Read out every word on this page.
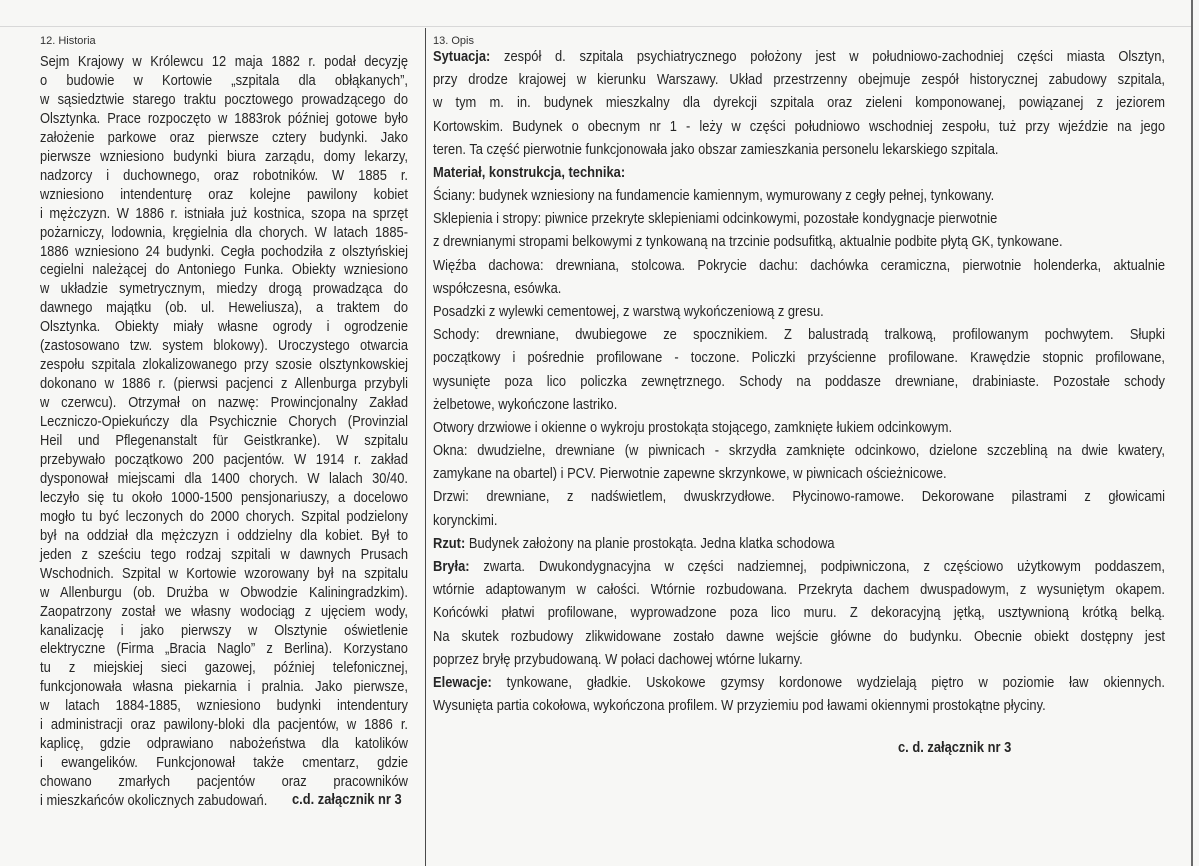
12. Historia	13. Opis
Sejm Krajowy w Królewcu 12 maja 1882 r. podał decyzję
o budowie w Kortowie „szpitala dla obłąkanych”,
w sąsiedztwie starego traktu pocztowego prowadzącego do
Olsztynka. Prace rozpoczęto w 1883rok później gotowe było
założenie parkowe oraz pierwsze cztery budynki. Jako
pierwsze wzniesiono budynki biura zarządu, domy lekarzy,
nadzorcy i duchownego, oraz robotników. W 1885 r.
wzniesiono intendenturę oraz kolejne pawilony kobiet
i mężczyzn. W 1886 r. istniała już kostnica, szopa na sprzęt
pożarniczy, lodownia, kręgielnia dla chorych. W latach 1885-
1886 wzniesiono 24 budynki. Cegła pochodziła z olsztyńskiej
cegielni należącej do Antoniego Funka. Obiekty wzniesiono
w układzie symetrycznym, miedzy drogą prowadząca do
dawnego majątku (ob. ul. Heweliusza), a traktem do
Olsztynka. Obiekty miały własne ogrody i ogrodzenie
(zastosowano tzw. system blokowy). Uroczystego otwarcia
zespołu szpitala zlokalizowanego przy szosie olsztynkowskiej
dokonano w 1886 r. (pierwsi pacjenci z Allenburga przybyli
w czerwcu). Otrzymał on nazwę: Prowincjonalny Zakład
Leczniczo-Opiekuńczy dla Psychicznie Chorych (Provinzial
Heil und Pflegenanstalt für Geistkranke). W szpitalu
przebywało początkowo 200 pacjentów. W 1914 r. zakład
dysponował miejscami dla 1400 chorych. W lalach 30/40.
leczyło się tu około 1000-1500 pensjonariuszy, a docelowo
mogło tu być leczonych do 2000 chorych. Szpital podzielony
był na oddział dla mężczyzn i oddzielny dla kobiet. Był to
jeden z sześciu tego rodzaj szpitali w dawnych Prusach
Wschodnich. Szpital w Kortowie wzorowany był na szpitalu
w Allenburgu (ob. Drużba w Obwodzie Kaliningradzkim).
Zaopatrzony został we własny wodociąg z ujęciem wody,
kanalizację i jako pierwszy w Olsztynie oświetlenie
elektryczne (Firma „Bracia Naglo” z Berlina). Korzystano
tu z miejskiej sieci gazowej, później telefonicznej,
funkcjonowała własna piekarnia i pralnia. Jako pierwsze,
w latach 1884-1885, wzniesiono budynki intendentury
i administracji oraz pawilony-bloki dla pacjentów, w 1886 r.
kaplicę, gdzie odprawiano nabożeństwa dla katolików
i ewangelików. Funkcjonował także cmentarz, gdzie
chowano zmarłych pacjentów oraz pracowników
i mieszkańców okolicznych zabudowań.
Sytuacja: zespół d. szpitala psychiatrycznego położony jest w południowo-zachodniej części miasta Olsztyn,
przy drodze krajowej w kierunku Warszawy. Układ przestrzenny obejmuje zespół historycznej zabudowy szpitala,
w tym m. in. budynek mieszkalny dla dyrekcji szpitala oraz zieleni komponowanej, powiązanej z jeziorem
Kortowskim. Budynek o obecnym nr 1 - leży w części południowo wschodniej zespołu, tuż przy wjeździe na jego
teren. Ta część pierwotnie funkcjonowała jako obszar zamieszkania personelu lekarskiego szpitala.
Materiał, konstrukcja, technika:
Ściany: budynek wzniesiony na fundamencie kamiennym, wymurowany z cegły pełnej, tynkowany.
Sklepienia i stropy: piwnice przekryte sklepieniami odcinkowymi, pozostałe kondygnacje pierwotnie
z drewnianymi stropami belkowymi z tynkowaną na trzcinie podsufitką, aktualnie podbite płytą GK, tynkowane.
Więźba dachowa: drewniana, stolcowa. Pokrycie dachu: dachówka ceramiczna, pierwotnie holenderka, aktualnie
współczesna, esówka.
Posadzki z wylewki cementowej, z warstwą wykończeniową z gresu.
Schody: drewniane, dwubiegowe ze spocznikiem. Z balustradą tralkową, profilowanym pochwytem. Słupki
początkowy i pośrednie profilowane - toczone. Policzki przyścienne profilowane. Krawędzie stopnic profilowane,
wysunięte poza lico policzka zewnętrznego. Schody na poddasze drewniane, drabiniaste. Pozostałe schody
żelbetowe, wykończone lastriko.
Otwory drzwiowe i okienne o wykroju prostokąta stojącego, zamknięte łukiem odcinkowym.
Okna: dwudzielne, drewniane (w piwnicach - skrzydła zamknięte odcinkowo, dzielone szczebliną na dwie kwatery,
zamykane na obartel) i PCV. Pierwotnie zapewne skrzynkowe, w piwnicach ościeżnicowe.
Drzwi: drewniane, z nadświetlem, dwuskrzydłowe. Płycinowo-ramowe. Dekorowane pilastrami z głowicami
korynckimi.
Rzut: Budynek założony na planie prostokąta. Jedna klatka schodowa
Bryła: zwarta. Dwukondygnacyjna w części nadziemnej, podpiwniczona, z częściowo użytkowym poddaszem,
wtórnie adaptowanym w całości. Wtórnie rozbudowana. Przekryta dachem dwuspadowym, z wysuniętym okapem.
Końcówki płatwi profilowane, wyprowadzone poza lico muru. Z dekoracyjną jętką, usztywnioną krótką belką.
Na skutek rozbudowy zlikwidowane zostało dawne wejście główne do budynku. Obecnie obiekt dostępny jest
poprzez bryłę przybudowaną. W połaci dachowej wtórne lukarny.
Elewacje: tynkowane, gładkie. Uskokowe gzymsy kordonowe wydzielają piętro w poziomie ław okiennych.
Wysunięta partia cokołowa, wykończona profilem. W przyziemiu pod ławami okiennymi prostokątne płyciny.
c.d. załącznik nr 3
c. d. załącznik nr 3
